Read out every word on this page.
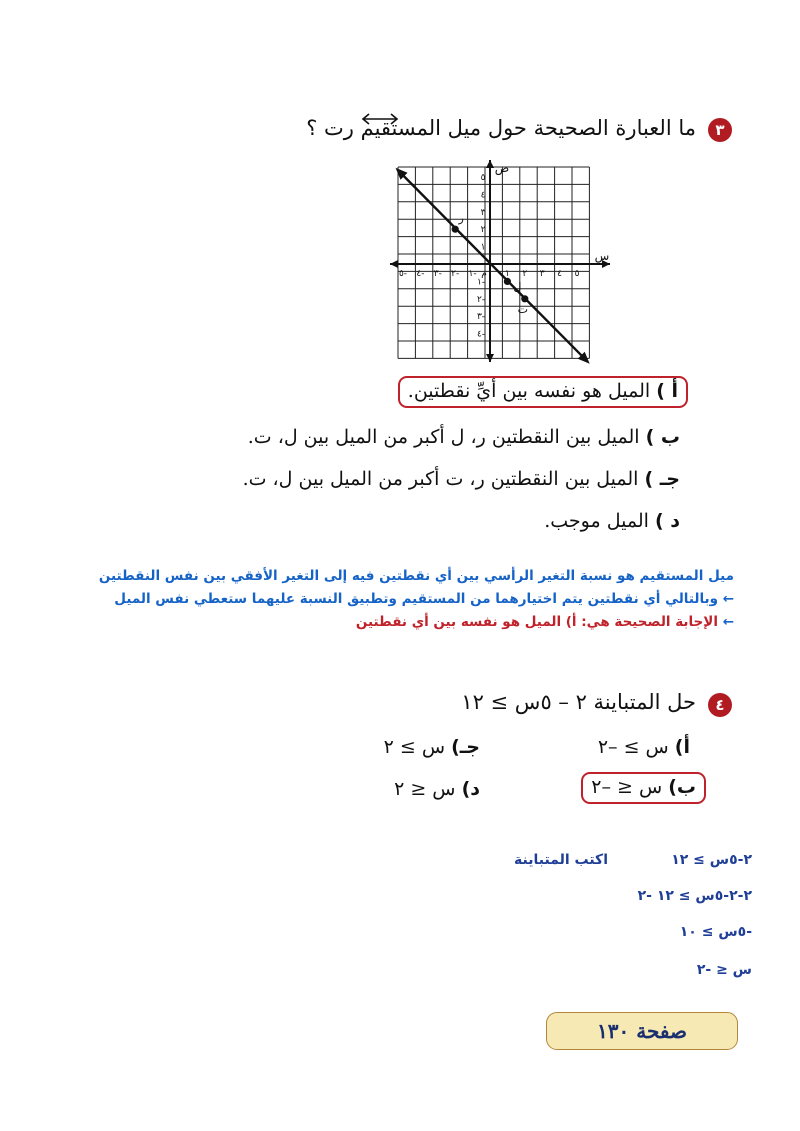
٣
ما العبارة الصحيحة حول ميل المستقيم رت ؟
١ ٢ ٣ ٤ ٥
١-
٢-
٣-
٤-
٥-
١
٢
٣
٤
٥
١-
٢-
٣-
٤-
م
ص
س
ر
ل
ت
أ ) الميل هو نفسه بين أيِّ نقطتين.
ب ) الميل بين النقطتين ر، ل أكبر من الميل بين ل، ت.
جـ ) الميل بين النقطتين ر، ت أكبر من الميل بين ل، ت.
د ) الميل موجب.
ميل المستقيم هو نسبة التغير الرأسي بين أي نقطتين فيه إلى التغير الأفقي بين نفس النقطتين
← وبالتالي أي نقطتين يتم اختيارهما من المستقيم وتطبيق النسبة عليهما ستعطي نفس الميل
← الإجابة الصحيحة هي: أ) الميل هو نفسه بين أي نقطتين
٤
حل المتباينة ٢ – ٥س ≥ ١٢
أ) س ≥ –٢
جـ) س ≥ ٢
ب) س ≤ –٢
د) س ≤ ٢
٢-٥س ≥ ١٢
اكتب المتباينة
٢-٢-٥س ≥ ١٢ -٢
-٥س ≥ ١٠
س ≤ -٢
صفحة

١٣٠
